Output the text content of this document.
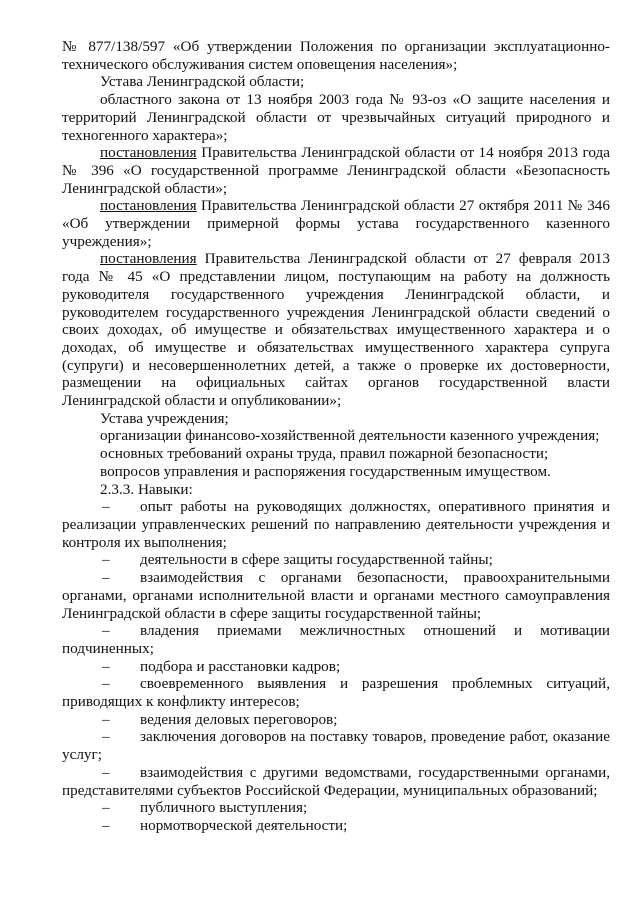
№ 877/138/597 «Об утверждении Положения по организации эксплуатационно-технического обслуживания систем оповещения населения»;

Устава Ленинградской области;

областного закона от 13 ноября 2003 года № 93-оз «О защите населения и территорий Ленинградской области от чрезвычайных ситуаций природного и техногенного характера»;

постановления Правительства Ленинградской области от 14 ноября 2013 года № 396 «О государственной программе Ленинградской области «Безопасность Ленинградской области»;

постановления Правительства Ленинградской области 27 октября 2011 № 346 «Об утверждении примерной формы устава государственного казенного учреждения»;

постановления Правительства Ленинградской области от 27 февраля 2013 года № 45 «О представлении лицом, поступающим на работу на должность руководителя государственного учреждения Ленинградской области, и руководителем государственного учреждения Ленинградской области сведений о своих доходах, об имуществе и обязательствах имущественного характера и о доходах, об имуществе и обязательствах имущественного характера супруга (супруги) и несовершеннолетних детей, а также о проверке их достоверности, размещении на официальных сайтах органов государственной власти Ленинградской области и опубликовании»;

Устава учреждения;

организации финансово-хозяйственной деятельности казенного учреждения;

основных требований охраны труда, правил пожарной безопасности;

вопросов управления и распоряжения государственным имуществом.

2.3.3. Навыки:

– опыт работы на руководящих должностях, оперативного принятия и реализации управленческих решений по направлению деятельности учреждения и контроля их выполнения;

– деятельности в сфере защиты государственной тайны;

– взаимодействия с органами безопасности, правоохранительными органами, органами исполнительной власти и органами местного самоуправления Ленинградской области в сфере защиты государственной тайны;

– владения приемами межличностных отношений и мотивации подчиненных;

– подбора и расстановки кадров;

– своевременного выявления и разрешения проблемных ситуаций, приводящих к конфликту интересов;

– ведения деловых переговоров;

– заключения договоров на поставку товаров, проведение работ, оказание услуг;

– взаимодействия с другими ведомствами, государственными органами, представителями субъектов Российской Федерации, муниципальных образований;

– публичного выступления;

– нормотворческой деятельности;
